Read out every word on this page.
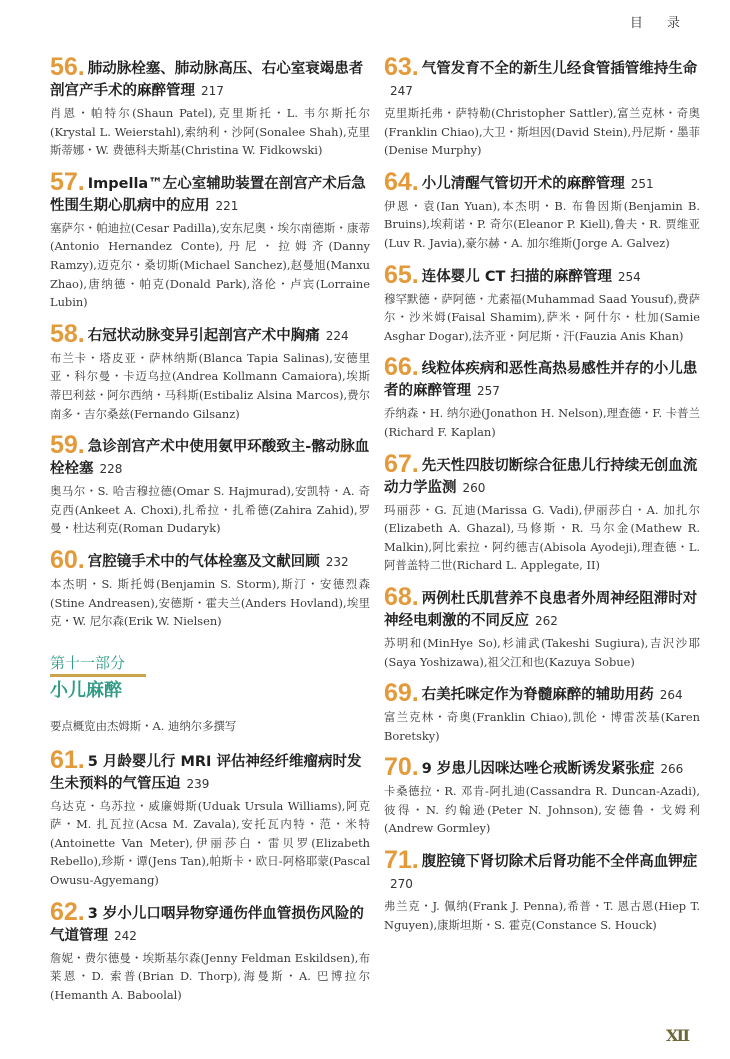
目 录
56. 肺动脉栓塞、肺动脉高压、右心室衰竭患者剖宫产手术的麻醉管理 217
肖恩・帕特尔(Shaun Patel),克里斯托・L. 韦尔斯托尔(Krystal L. Weierstahl),索纳利・沙阿(Sonalee Shah),克里斯蒂娜・W. 费德科夫斯基(Christina W. Fidkowski)
57. Impella™左心室辅助装置在剖宫产术后急性围生期心肌病中的应用 221
塞萨尔・帕迪拉(Cesar Padilla),安东尼奥・埃尔南德斯・康蒂(Antonio Hernandez Conte),丹尼・拉姆齐(Danny Ramzy),迈克尔・桑切斯(Michael Sanchez),赵曼旭(Manxu Zhao),唐纳德・帕克(Donald Park),洛伦・卢宾(Lorraine Lubin)
58. 右冠状动脉变异引起剖宫产术中胸痛 224
布兰卡・塔皮亚・萨林纳斯(Blanca Tapia Salinas),安德里亚・科尔曼・卡迈乌拉(Andrea Kollmann Camaiora),埃斯蒂巴利兹・阿尔西纳・马科斯(Estibaliz Alsina Marcos),费尔南多・吉尔桑兹(Fernando Gilsanz)
59. 急诊剖宫产术中使用氨甲环酸致主-髂动脉血栓栓塞 228
奥马尔・S. 哈吉穆拉德(Omar S. Hajmurad),安凯特・A. 奇克西(Ankeet A. Choxi),扎希拉・扎希德(Zahira Zahid),罗曼・杜达利克(Roman Dudaryk)
60. 宫腔镜手术中的气体栓塞及文献回顾 232
本杰明・S. 斯托姆(Benjamin S. Storm),斯汀・安德烈森(Stine Andreasen),安德斯・霍夫兰(Anders Hovland),埃里克・W. 尼尔森(Erik W. Nielsen)
第十一部分
小儿麻醉
要点概览由杰姆斯・A. 迪纳尔多撰写
61. 5 月龄婴儿行 MRI 评估神经纤维瘤病时发生未预料的气管压迫 239
乌达克・乌苏拉・威廉姆斯(Uduak Ursula Williams),阿克萨・M. 扎瓦拉(Acsa M. Zavala),安托瓦内特・范・米特(Antoinette Van Meter),伊丽莎白・雷贝罗(Elizabeth Rebello),珍斯・谭(Jens Tan),帕斯卡・欧日-阿格耶蒙(Pascal Owusu-Agyemang)
62. 3 岁小儿口咽异物穿通伤伴血管损伤风险的气道管理 242
詹妮・费尔德曼・埃斯基尔森(Jenny Feldman Eskildsen),布莱恩・D. 索普(Brian D. Thorp),海曼斯・A. 巴博拉尔(Hemanth A. Baboolal)
63. 气管发育不全的新生儿经食管插管维持生命247
克里斯托弗・萨特勒(Christopher Sattler),富兰克林・奇奥(Franklin Chiao),大卫・斯坦因(David Stein),丹尼斯・墨菲(Denise Murphy)
64. 小儿清醒气管切开术的麻醉管理 251
伊恩・袁(Ian Yuan),本杰明・B. 布鲁因斯(Benjamin B. Bruins),埃莉诺・P. 奇尔(Eleanor P. Kiell),鲁夫・R. 贾维亚(Luv R. Javia),豪尔赫・A. 加尔维斯(Jorge A. Galvez)
65. 连体婴儿 CT 扫描的麻醉管理 254
穆罕默德・萨阿德・尤素福(Muhammad Saad Yousuf),费萨尔・沙米姆(Faisal Shamim),萨米・阿什尔・杜加(Samie Asghar Dogar),法齐亚・阿尼斯・汗(Fauzia Anis Khan)
66. 线粒体疾病和恶性高热易感性并存的小儿患者的麻醉管理 257
乔纳森・H. 纳尔逊(Jonathon H. Nelson),理查德・F. 卡普兰(Richard F. Kaplan)
67. 先天性四肢切断综合征患儿行持续无创血流动力学监测 260
玛丽莎・G. 瓦迪(Marissa G. Vadi),伊丽莎白・A. 加扎尔(Elizabeth A. Ghazal),马修斯・R. 马尔金(Mathew R. Malkin),阿比索拉・阿约德吉(Abisola Ayodeji),理查德・L. 阿普盖特二世(Richard L. Applegate, II)
68. 两例杜氏肌营养不良患者外周神经阻滞时对神经电刺激的不同反应 262
苏明和(MinHye So),杉浦武(Takeshi Sugiura),吉沢沙耶(Saya Yoshizawa),祖父江和也(Kazuya Sobue)
69. 右美托咪定作为脊髓麻醉的辅助用药 264
富兰克林・奇奥(Franklin Chiao),凯伦・博雷茨基(Karen Boretsky)
70. 9 岁患儿因咪达唑仑戒断诱发紧张症 266
卡桑德拉・R. 邓肯-阿扎迪(Cassandra R. Duncan-Azadi),彼得・N. 约翰逊(Peter N. Johnson),安德鲁・戈姆利(Andrew Gormley)
71. 腹腔镜下肾切除术后肾功能不全伴高血钾症270
弗兰克・J. 佩纳(Frank J. Penna),希普・T. 恩古恩(Hiep T. Nguyen),康斯坦斯・S. 霍克(Constance S. Houck)
Ⅻ
